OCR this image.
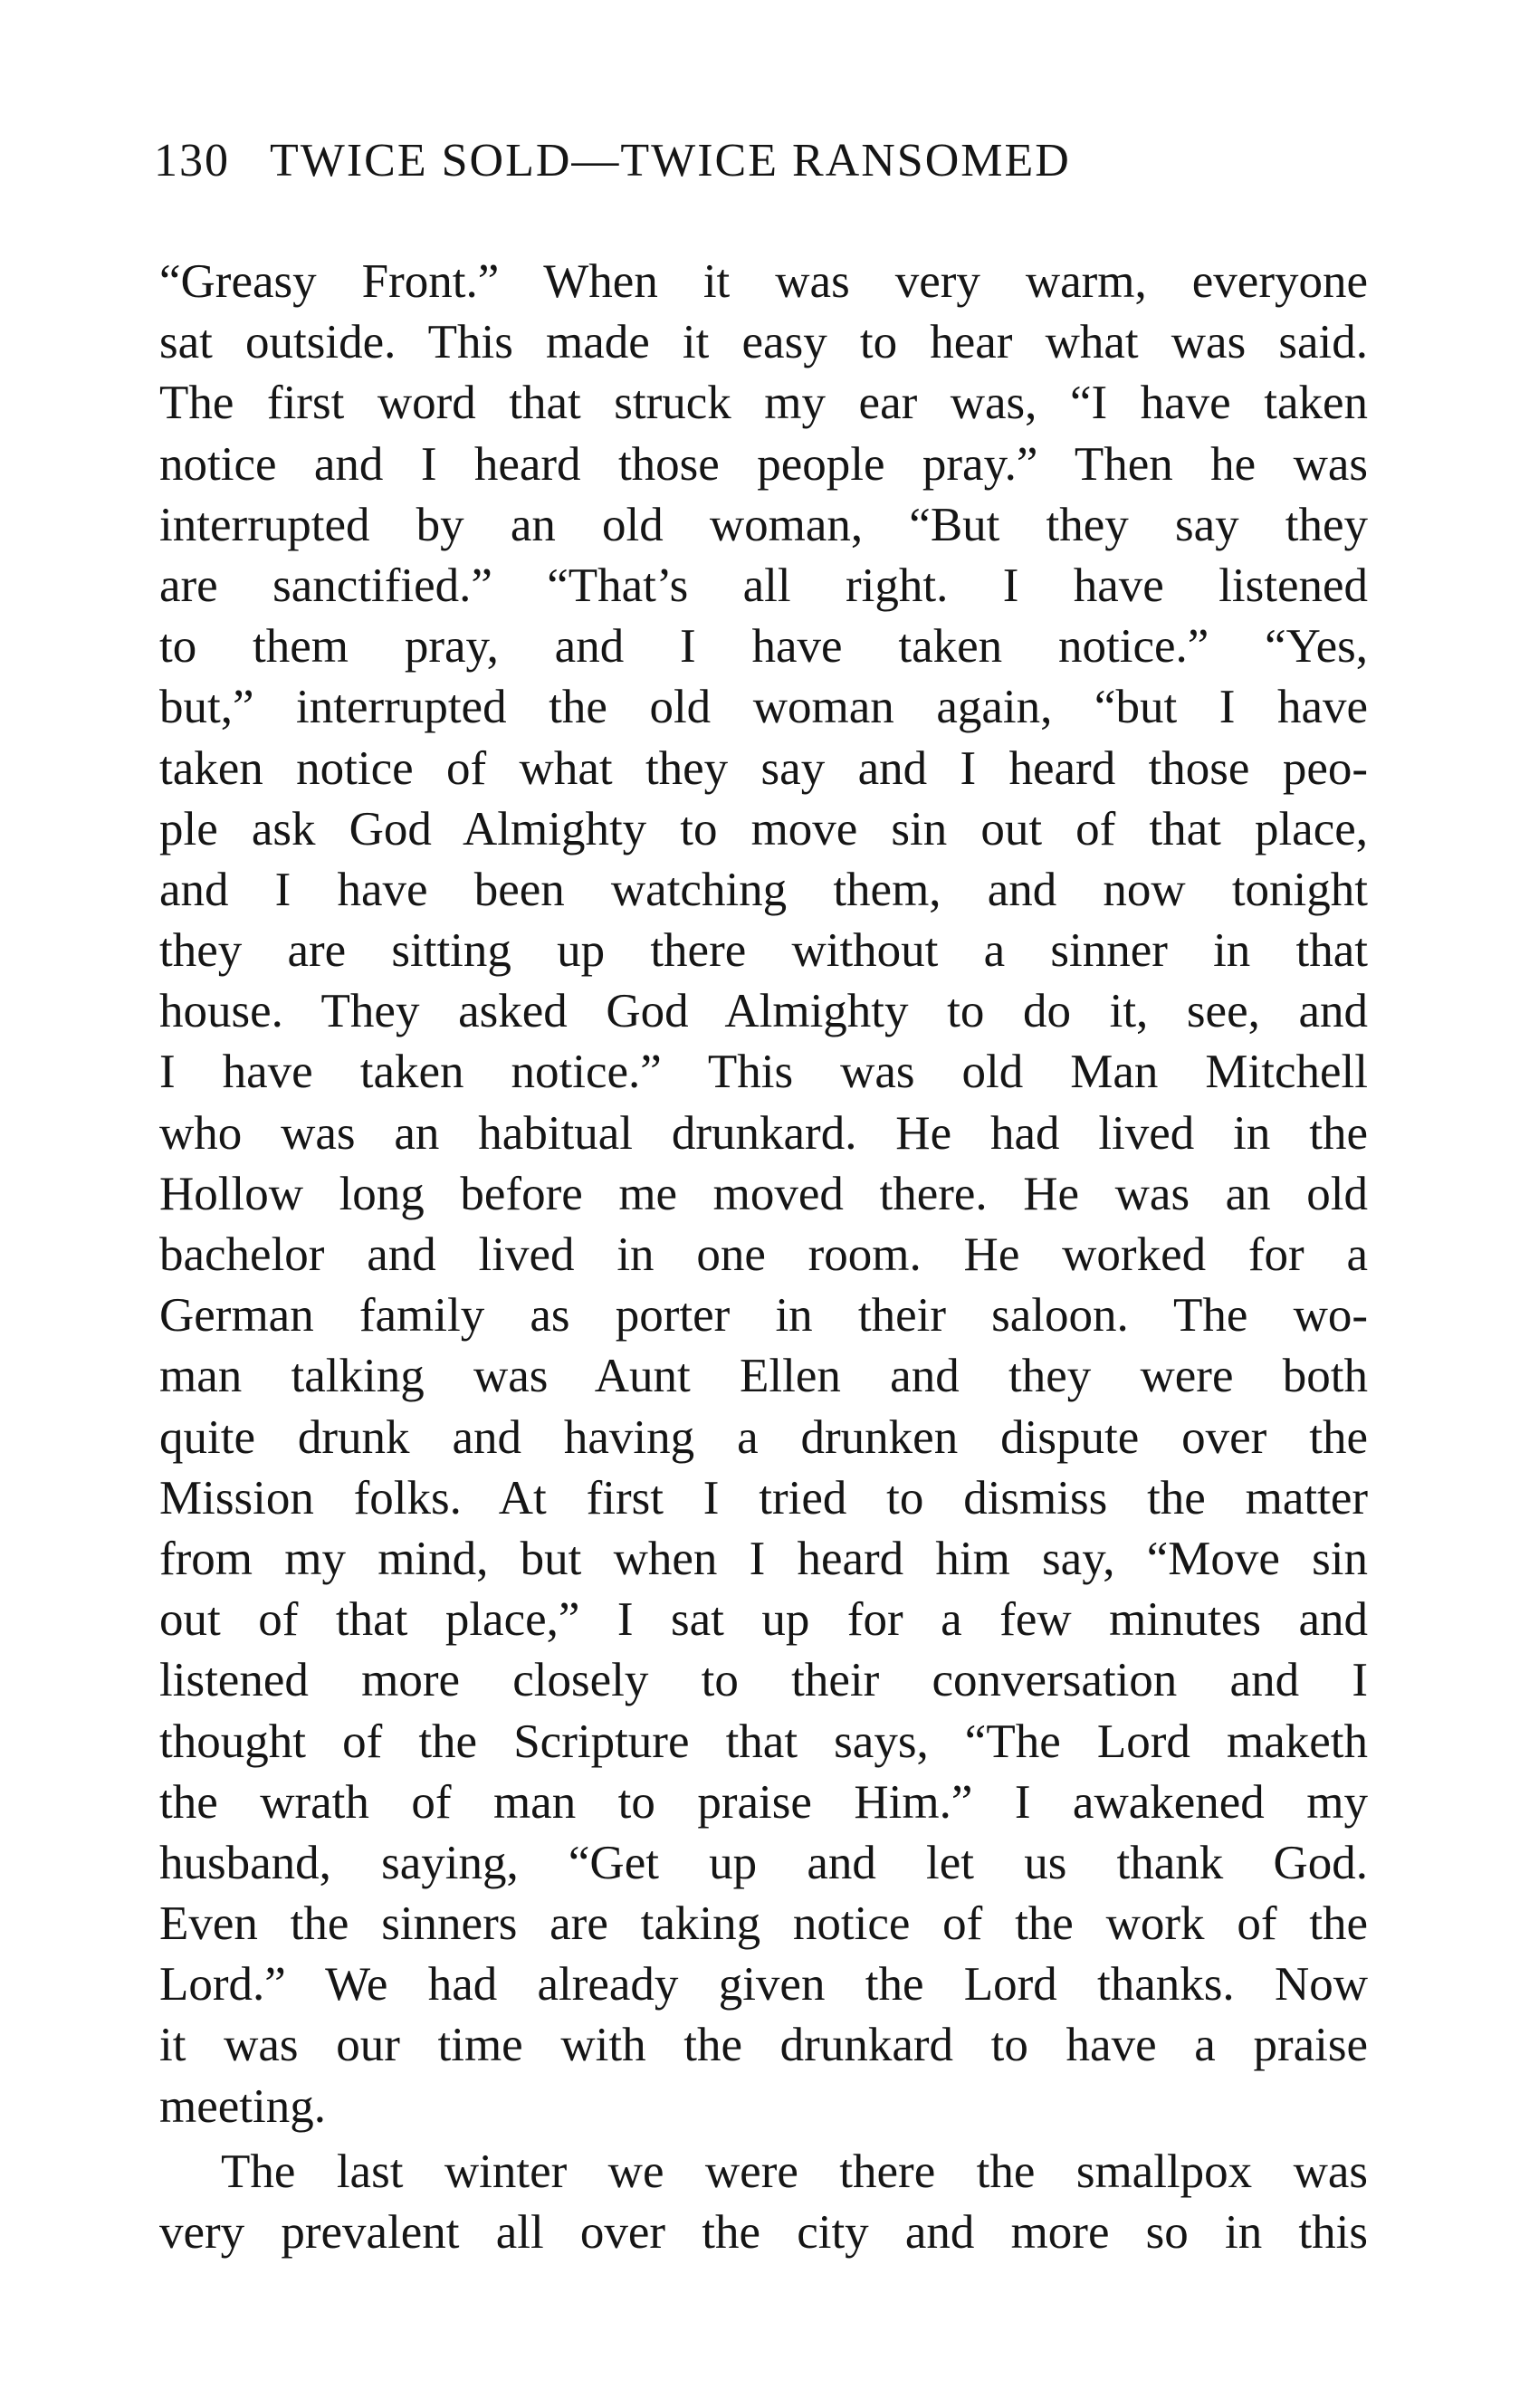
130 TWICE SOLD—TWICE RANSOMED
“Greasy Front.” When it was very warm, everyone
sat outside. This made it easy to hear what was said.
The first word that struck my ear was, “I have taken
notice and I heard those people pray.” Then he was
interrupted by an old woman, “But they say they
are sanctified.” “That’s all right. I have listened
to them pray, and I have taken notice.” “Yes,
but,” interrupted the old woman again, “but I have
taken notice of what they say and I heard those peo-
ple ask God Almighty to move sin out of that place,
and I have been watching them, and now tonight
they are sitting up there without a sinner in that
house. They asked God Almighty to do it, see, and
I have taken notice.” This was old Man Mitchell
who was an habitual drunkard. He had lived in the
Hollow long before me moved there. He was an old
bachelor and lived in one room. He worked for a
German family as porter in their saloon. The wo-
man talking was Aunt Ellen and they were both
quite drunk and having a drunken dispute over the
Mission folks. At first I tried to dismiss the matter
from my mind, but when I heard him say, “Move sin
out of that place,” I sat up for a few minutes and
listened more closely to their conversation and I
thought of the Scripture that says, “The Lord maketh
the wrath of man to praise Him.” I awakened my
husband, saying, “Get up and let us thank God.
Even the sinners are taking notice of the work of the
Lord.” We had already given the Lord thanks. Now
it was our time with the drunkard to have a praise
meeting.
The last winter we were there the smallpox was
very prevalent all over the city and more so in this
